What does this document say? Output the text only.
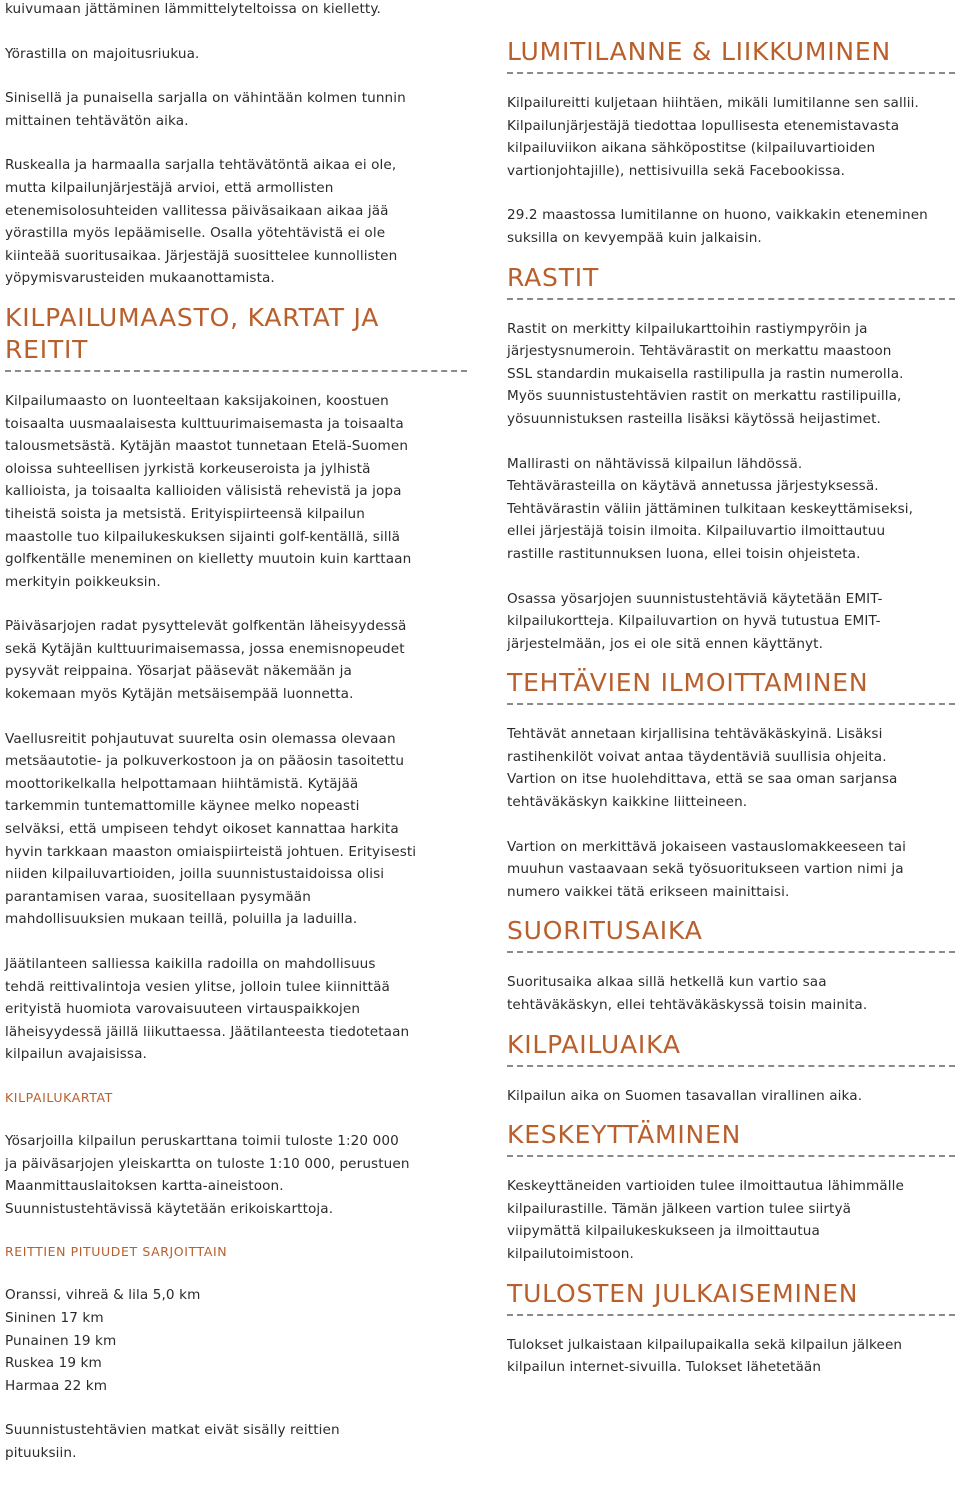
kuivumaan jättäminen lämmittelyteltoissa on kielletty.

Yörastilla on majoitusriukua.

Sinisellä ja punaisella sarjalla on vähintään kolmen tunnin
mittainen tehtävätön aika.

Ruskealla ja harmaalla sarjalla tehtävätöntä aikaa ei ole,
mutta kilpailunjärjestäjä arvioi, että armollisten
etenemisolosuhteiden vallitessa päiväsaikaan aikaa jää
yörastilla myös lepäämiselle. Osalla yötehtävistä ei ole
kiinteää suoritusaikaa. Järjestäjä suosittelee kunnollisten
yöpymisvarusteiden mukaanottamista.

KILPAILUMAASTO, KARTAT JA REITIT

Kilpailumaasto on luonteeltaan kaksijakoinen, koostuen
toisaalta uusmaalaisesta kulttuurimaisemasta ja toisaalta
talousmetsästä. Kytäjän maastot tunnetaan Etelä-Suomen
oloissa suhteellisen jyrkistä korkeuseroista ja jylhistä
kallioista, ja toisaalta kallioiden välisistä rehevistä ja jopa
tiheistä soista ja metsistä. Erityispiirteensä kilpailun
maastolle tuo kilpailukeskuksen sijainti golf-kentällä, sillä
golfkentälle meneminen on kielletty muutoin kuin karttaan
merkityin poikkeuksin.

Päiväsarjojen radat pysyttelevät golfkentän läheisyydessä
sekä Kytäjän kulttuurimaisemassa, jossa enemisnopeudet
pysyvät reippaina. Yösarjat pääsevät näkemään ja
kokemaan myös Kytäjän metsäisempää luonnetta.

Vaellusreitit pohjautuvat suurelta osin olemassa olevaan
metsäautotie- ja polkuverkostoon ja on pääosin tasoitettu
moottorikelkalla helpottamaan hiihtämistä. Kytäjää
tarkemmin tuntemattomille käynee melko nopeasti
selväksi, että umpiseen tehdyt oikoset kannattaa harkita
hyvin tarkkaan maaston omiaispiirteistä johtuen. Erityisesti
niiden kilpailuvartioiden, joilla suunnistustaidoissa olisi
parantamisen varaa, suositellaan pysymään
mahdollisuuksien mukaan teillä, poluilla ja laduilla.

Jäätilanteen salliessa kaikilla radoilla on mahdollisuus
tehdä reittivalintoja vesien ylitse, jolloin tulee kiinnittää
erityistä huomiota varovaisuuteen virtauspaikkojen
läheisyydessä jäillä liikuttaessa. Jäätilanteesta tiedotetaan
kilpailun avajaisissa.

KILPAILUKARTAT

Yösarjoilla kilpailun peruskarttana toimii tuloste 1:20 000
ja päiväsarjojen yleiskartta on tuloste 1:10 000, perustuen
Maanmittauslaitoksen kartta-aineistoon.
Suunnistustehtävissä käytetään erikoiskarttoja.

REITTIEN PITUUDET SARJOITTAIN

Oranssi, vihreä & lila 5,0 km

Sininen 17 km

Punainen 19 km

Ruskea 19 km

Harmaa 22 km

Suunnistustehtävien matkat eivät sisälly reittien
pituuksiin.

LUMITILANNE & LIIKKUMINEN

Kilpailureitti kuljetaan hiihtäen, mikäli lumitilanne sen sallii.
Kilpailunjärjestäjä tiedottaa lopullisesta etenemistavasta
kilpailuviikon aikana sähköpostitse (kilpailuvartioiden
vartionjohtajille), nettisivuilla sekä Facebookissa.

29.2 maastossa lumitilanne on huono, vaikkakin eteneminen
suksilla on kevyempää kuin jalkaisin.

RASTIT

Rastit on merkitty kilpailukarttoihin rastiympyröin ja
järjestysnumeroin. Tehtävärastit on merkattu maastoon
SSL standardin mukaisella rastilipulla ja rastin numerolla.
Myös suunnistustehtävien rastit on merkattu rastilipuilla,
yösuunnistuksen rasteilla lisäksi käytössä heijastimet.

Mallirasti on nähtävissä kilpailun lähdössä.
Tehtävärasteilla on käytävä annetussa järjestyksessä.
Tehtävärastin väliin jättäminen tulkitaan keskeyttämiseksi,
ellei järjestäjä toisin ilmoita. Kilpailuvartio ilmoittautuu
rastille rastitunnuksen luona, ellei toisin ohjeisteta.

Osassa yösarjojen suunnistustehtäviä käytetään EMIT-
kilpailukortteja. Kilpailuvartion on hyvä tutustua EMIT-
järjestelmään, jos ei ole sitä ennen käyttänyt.

TEHTÄVIEN ILMOITTAMINEN

Tehtävät annetaan kirjallisina tehtäväkäskyinä. Lisäksi
rastihenkilöt voivat antaa täydentäviä suullisia ohjeita.
Vartion on itse huolehdittava, että se saa oman sarjansa
tehtäväkäskyn kaikkine liitteineen.

Vartion on merkittävä jokaiseen vastauslomakkeeseen tai
muuhun vastaavaan sekä työsuoritukseen vartion nimi ja
numero vaikkei tätä erikseen mainittaisi.

SUORITUSAIKA

Suoritusaika alkaa sillä hetkellä kun vartio saa
tehtäväkäskyn, ellei tehtäväkäskyssä toisin mainita.

KILPAILUAIKA

Kilpailun aika on Suomen tasavallan virallinen aika.

KESKEYTTÄMINEN

Keskeyttäneiden vartioiden tulee ilmoittautua lähimmälle
kilpailurastille. Tämän jälkeen vartion tulee siirtyä
viipymättä kilpailukeskukseen ja ilmoittautua
kilpailutoimistoon.

TULOSTEN JULKAISEMINEN

Tulokset julkaistaan kilpailupaikalla sekä kilpailun jälkeen
kilpailun internet-sivuilla. Tulokset lähetetään
